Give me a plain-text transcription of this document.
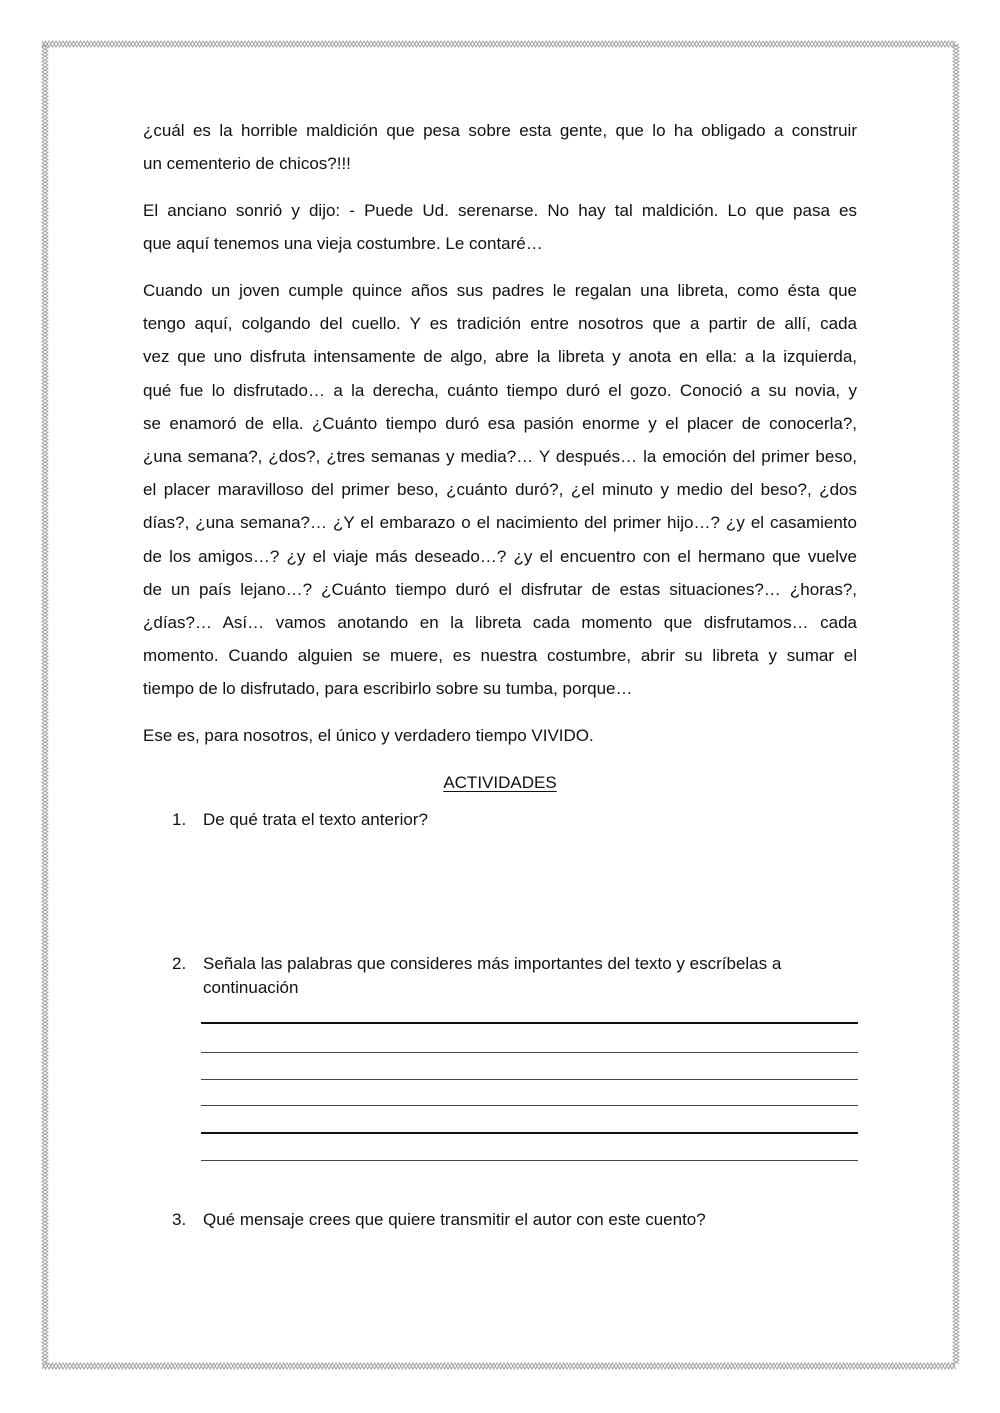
¿cuál es la horrible maldición que pesa sobre esta gente, que lo ha obligado a construir
un cementerio de chicos?!!!

El anciano sonrió y dijo: - Puede Ud. serenarse. No hay tal maldición. Lo que pasa es
que aquí tenemos una vieja costumbre. Le contaré…

Cuando un joven cumple quince años sus padres le regalan una libreta, como ésta que
tengo aquí, colgando del cuello. Y es tradición entre nosotros que a partir de allí, cada
vez que uno disfruta intensamente de algo, abre la libreta y anota en ella: a la izquierda,
qué fue lo disfrutado… a la derecha, cuánto tiempo duró el gozo. Conoció a su novia, y
se enamoró de ella. ¿Cuánto tiempo duró esa pasión enorme y el placer de conocerla?,
¿una semana?, ¿dos?, ¿tres semanas y media?… Y después… la emoción del primer beso,
el placer maravilloso del primer beso, ¿cuánto duró?, ¿el minuto y medio del beso?, ¿dos
días?, ¿una semana?… ¿Y el embarazo o el nacimiento del primer hijo…? ¿y el casamiento
de los amigos…? ¿y el viaje más deseado…? ¿y el encuentro con el hermano que vuelve
de un país lejano…? ¿Cuánto tiempo duró el disfrutar de estas situaciones?… ¿horas?,
¿días?… Así… vamos anotando en la libreta cada momento que disfrutamos… cada
momento. Cuando alguien se muere, es nuestra costumbre, abrir su libreta y sumar el
tiempo de lo disfrutado, para escribirlo sobre su tumba, porque…

Ese es, para nosotros, el único y verdadero tiempo VIVIDO.

ACTIVIDADES
1. De qué trata el texto anterior?
2. Señala las palabras que consideres más importantes del texto y escríbelas a continuación
3. Qué mensaje crees que quiere transmitir el autor con este cuento?
